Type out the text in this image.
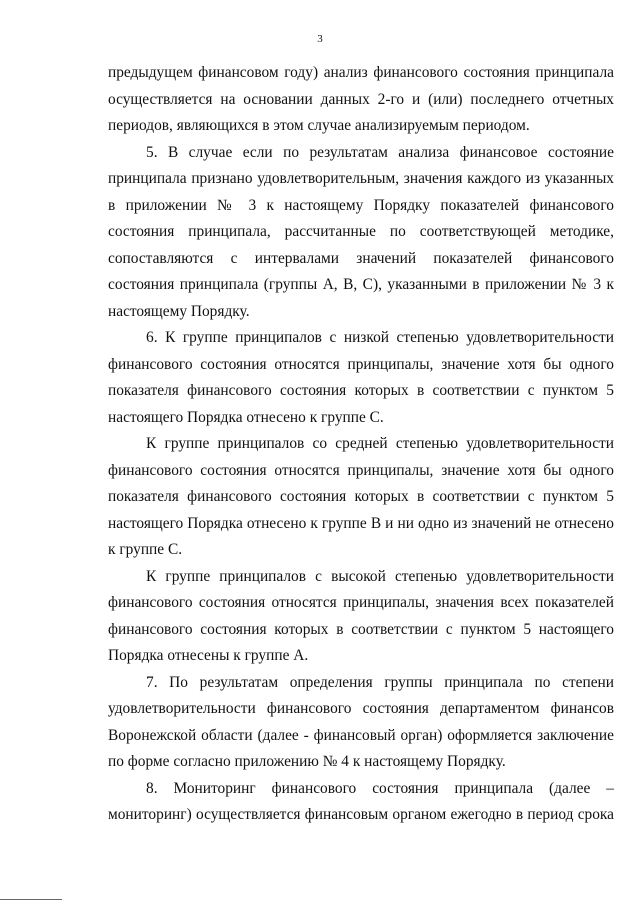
3

предыдущем финансовом году) анализ финансового состояния принципала осуществляется на основании данных 2-го и (или) последнего отчетных периодов, являющихся в этом случае анализируемым периодом.

5. В случае если по результатам анализа финансовое состояние принципала признано удовлетворительным, значения каждого из указанных в приложении № 3 к настоящему Порядку показателей финансового состояния принципала, рассчитанные по соответствующей методике, сопоставляются с интервалами значений показателей финансового состояния принципала (группы А, В, С), указанными в приложении № 3 к настоящему Порядку.

6. К группе принципалов с низкой степенью удовлетворительности финансового состояния относятся принципалы, значение хотя бы одного показателя финансового состояния которых в соответствии с пунктом 5 настоящего Порядка отнесено к группе С.

К группе принципалов со средней степенью удовлетворительности финансового состояния относятся принципалы, значение хотя бы одного показателя финансового состояния которых в соответствии с пунктом 5 настоящего Порядка отнесено к группе В и ни одно из значений не отнесено к группе С.

К группе принципалов с высокой степенью удовлетворительности финансового состояния относятся принципалы, значения всех показателей финансового состояния которых в соответствии с пунктом 5 настоящего Порядка отнесены к группе А.

7. По результатам определения группы принципала по степени удовлетворительности финансового состояния департаментом финансов Воронежской области (далее - финансовый орган) оформляется заключение по форме согласно приложению № 4 к настоящему Порядку.

8. Мониторинг финансового состояния принципала (далее – мониторинг) осуществляется финансовым органом ежегодно в период срока
